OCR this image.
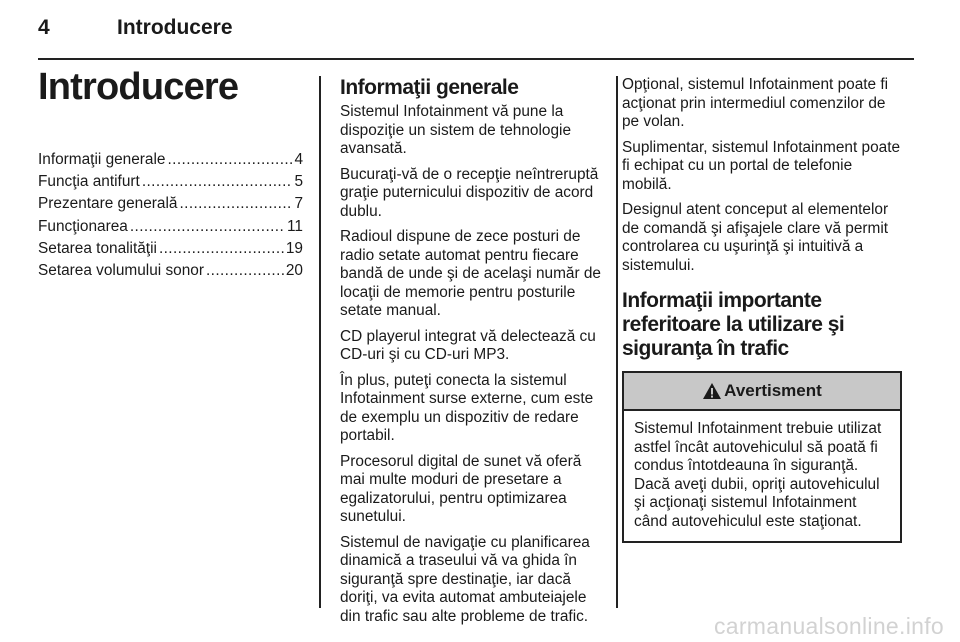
4	Introducere
Introducere
Informaţii generale .....	4
Funcţia antifurt .....	5
Prezentare generală .....	7
Funcţionarea .....	11
Setarea tonalităţii .....	19
Setarea volumului sonor .....	20
Informaţii generale

Sistemul Infotainment vă pune la dispoziţie un sistem de tehnologie avansată.

Bucuraţi-vă de o recepţie neîntreruptă graţie puternicului dispozitiv de acord dublu.

Radioul dispune de zece posturi de radio setate automat pentru fiecare bandă de unde şi de acelaşi număr de locaţii de memorie pentru posturile setate manual.

CD playerul integrat vă delectează cu CD-uri şi cu CD-uri MP3.

În plus, puteţi conecta la sistemul Infotainment surse externe, cum este de exemplu un dispozitiv de redare portabil.

Procesorul digital de sunet vă oferă mai multe moduri de presetare a egalizatorului, pentru optimizarea sunetului.

Sistemul de navigaţie cu planificarea dinamică a traseului vă va ghida în siguranţă spre destinaţie, iar dacă doriţi, va evita automat ambuteiajele din trafic sau alte probleme de trafic.

Opţional, sistemul Infotainment poate fi acţionat prin intermediul comenzilor de pe volan.

Suplimentar, sistemul Infotainment poate fi echipat cu un portal de telefonie mobilă.

Designul atent conceput al elementelor de comandă şi afişajele clare vă permit controlarea cu uşurinţă şi intuitivă a sistemului.

Informaţii importante referitoare la utilizare şi siguranţa în trafic
Avertisment
Sistemul Infotainment trebuie utilizat astfel încât autovehiculul să poată fi condus întotdeauna în siguranţă. Dacă aveţi dubii, opriţi autovehiculul şi acţionaţi sistemul Infotainment când autovehiculul este staţionat.
carmanualsonline.info
